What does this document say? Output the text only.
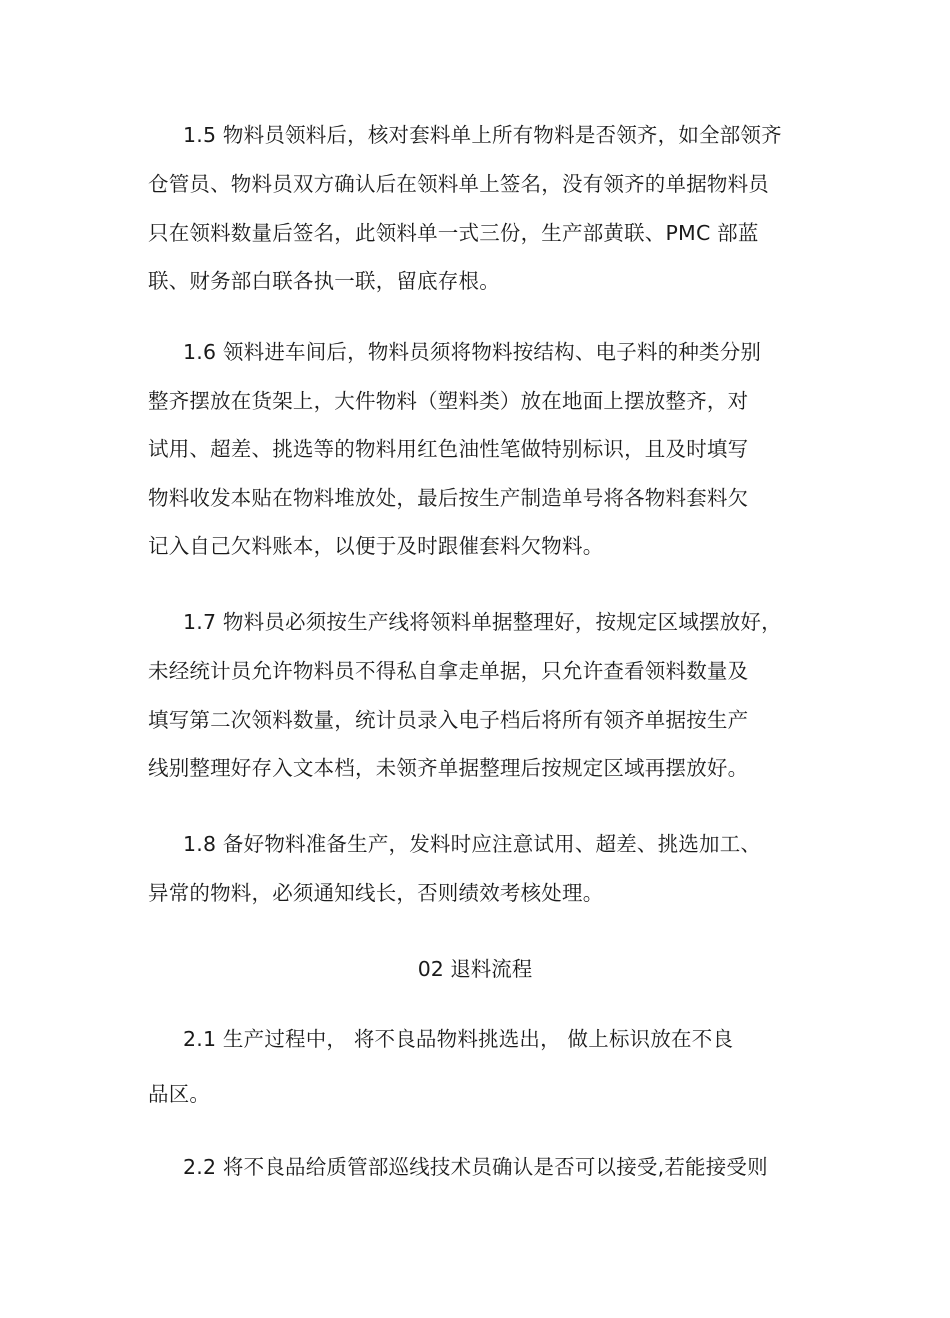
1.5 物料员领料后，核对套料单上所有物料是否领齐，如全部领齐
仓管员、物料员双方确认后在领料单上签名，没有领齐的单据物料员
只在领料数量后签名，此领料单一式三份，生产部黄联、PMC 部蓝
联、财务部白联各执一联，留底存根。
1.6 领料进车间后，物料员须将物料按结构、电子料的种类分别
整齐摆放在货架上，大件物料（塑料类）放在地面上摆放整齐，对
试用、超差、挑选等的物料用红色油性笔做特别标识，且及时填写
物料收发本贴在物料堆放处，最后按生产制造单号将各物料套料欠
记入自己欠料账本，以便于及时跟催套料欠物料。
1.7 物料员必须按生产线将领料单据整理好，按规定区域摆放好，
未经统计员允许物料员不得私自拿走单据，只允许查看领料数量及
填写第二次领料数量，统计员录入电子档后将所有领齐单据按生产
线别整理好存入文本档，未领齐单据整理后按规定区域再摆放好。
1.8 备好物料准备生产，发料时应注意试用、超差、挑选加工、
异常的物料，必须通知线长，否则绩效考核处理。
02 退料流程
2.1 生产过程中， 将不良品物料挑选出， 做上标识放在不良
品区。
2.2 将不良品给质管部巡线技术员确认是否可以接受,若能接受则
